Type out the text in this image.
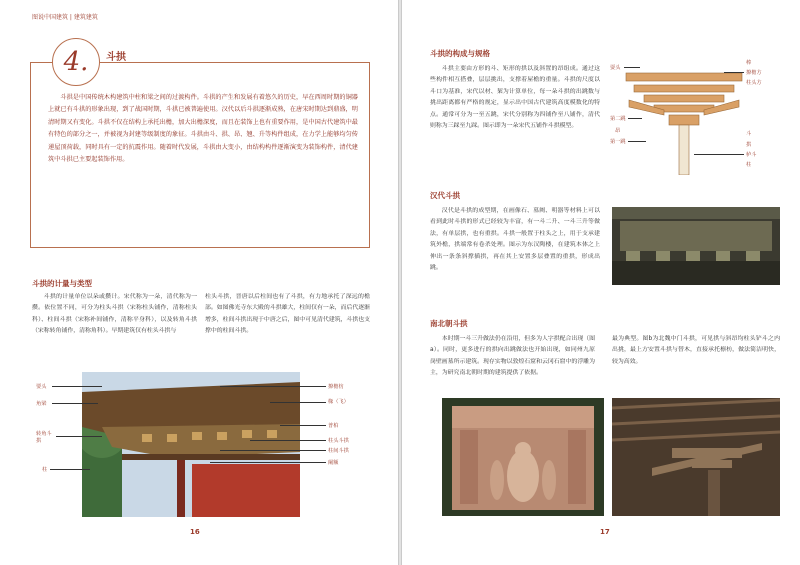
图说中国建筑 | 建筑建筑
4. 斗拱
斗拱是中国传统木构建筑中柱和梁之间的过渡构件。斗拱的产生和发展有着悠久的历史，早在西周时期的铜器上就已有斗拱的形象出现，到了战国时期，斗拱已被普遍使用。汉代以后斗拱逐渐成熟，在唐宋时期达到鼎盛，明清时期又有变化。斗拱不仅在结构上承托出檐，加大出檐深度，而且在装饰上也有重要作用，是中国古代建筑中最有特色的部分之一，并被视为封建等级制度的象征。斗拱由斗、拱、昂、翘、升等构件组成，在力学上能够均匀传递屋顶荷载，同时具有一定的抗震作用。随着时代发展，斗拱由大变小，由结构构件逐渐演变为装饰构件，清代建筑中斗拱已主要起装饰作用。
斗拱的计量与类型
斗拱的计量单位以朵或攒计。宋代称为一朵，清代称为一攒。依位置不同，可分为柱头斗拱（宋称柱头铺作，清称柱头科）、柱间斗拱（宋称补间铺作，清称平身科），以及转角斗拱（宋称转角铺作，清称角科）。早期建筑仅有柱头斗拱与
柱头斗拱，晋唐以后柱间也有了斗拱，有力地承托了深远的檐部。如图佛光寺东大殿的斗拱雄大，柱间仅有一朵，而后代逐渐增多，柱间斗拱出现于中唐之后，图中可见清代建筑，斗拱也支撑中的柱间斗拱。
要头
角梁
转角斗拱
柱
撩檐枋
椽（飞）
普柏
柱头斗拱
柱间斗拱
阑额
16
斗拱的构成与规格
斗拱主要由方形的斗、矩形的拱以及斜置的昂组成。通过这些构件相互搭叠，层层挑出，支撑着屋檐的重量。斗拱的尺度以斗口为基准，宋代以材、栔为计算单位，每一朵斗拱的出跳数与挑出距离都有严格的规定，显示出中国古代建筑高度模数化的特点。通常可分为一至五跳，宋代分别称为四铺作至八铺作，清代则称为三踩至九踩。图示即为一朵宋代五铺作斗拱模型。
耍头
第二跳
昂
第一跳
棒
撩檐方
柱头方
斗
拱
栌斗
柱
汉代斗拱
汉代是斗拱的成型期，在画像石、墓阙、明器等材料上可以看到此时斗拱的形式已经较为丰富，有一斗二升、一斗三升等做法，有单层拱，也有重拱。斗拱一般置于柱头之上，用于支承建筑外檐，拱端常有卷杀处理。图示为东汉陶楼，在建筑本体之上伸出一条条斜撑插拱，再在其上安置多层叠置的重拱，形成出跳。
南北朝斗拱
本时期一斗三升做法仍在沿用，但多为人字拱配合出现（图a）。同时，更多进行的拱向出跳做法也开始出现，如同州九原岗壁画墓所示建筑。现存实物以敦煌石窟和云冈石窟中的浮雕为主，为研究南北朝时期的建筑提供了依据。
最为典型。图b为北魏中门斗拱，可见拱与斜昂均柱头铲斗之内出挑，最上方安置斗拱与替木，直接承托檩枋，做法简洁明快，较为高效。
17
